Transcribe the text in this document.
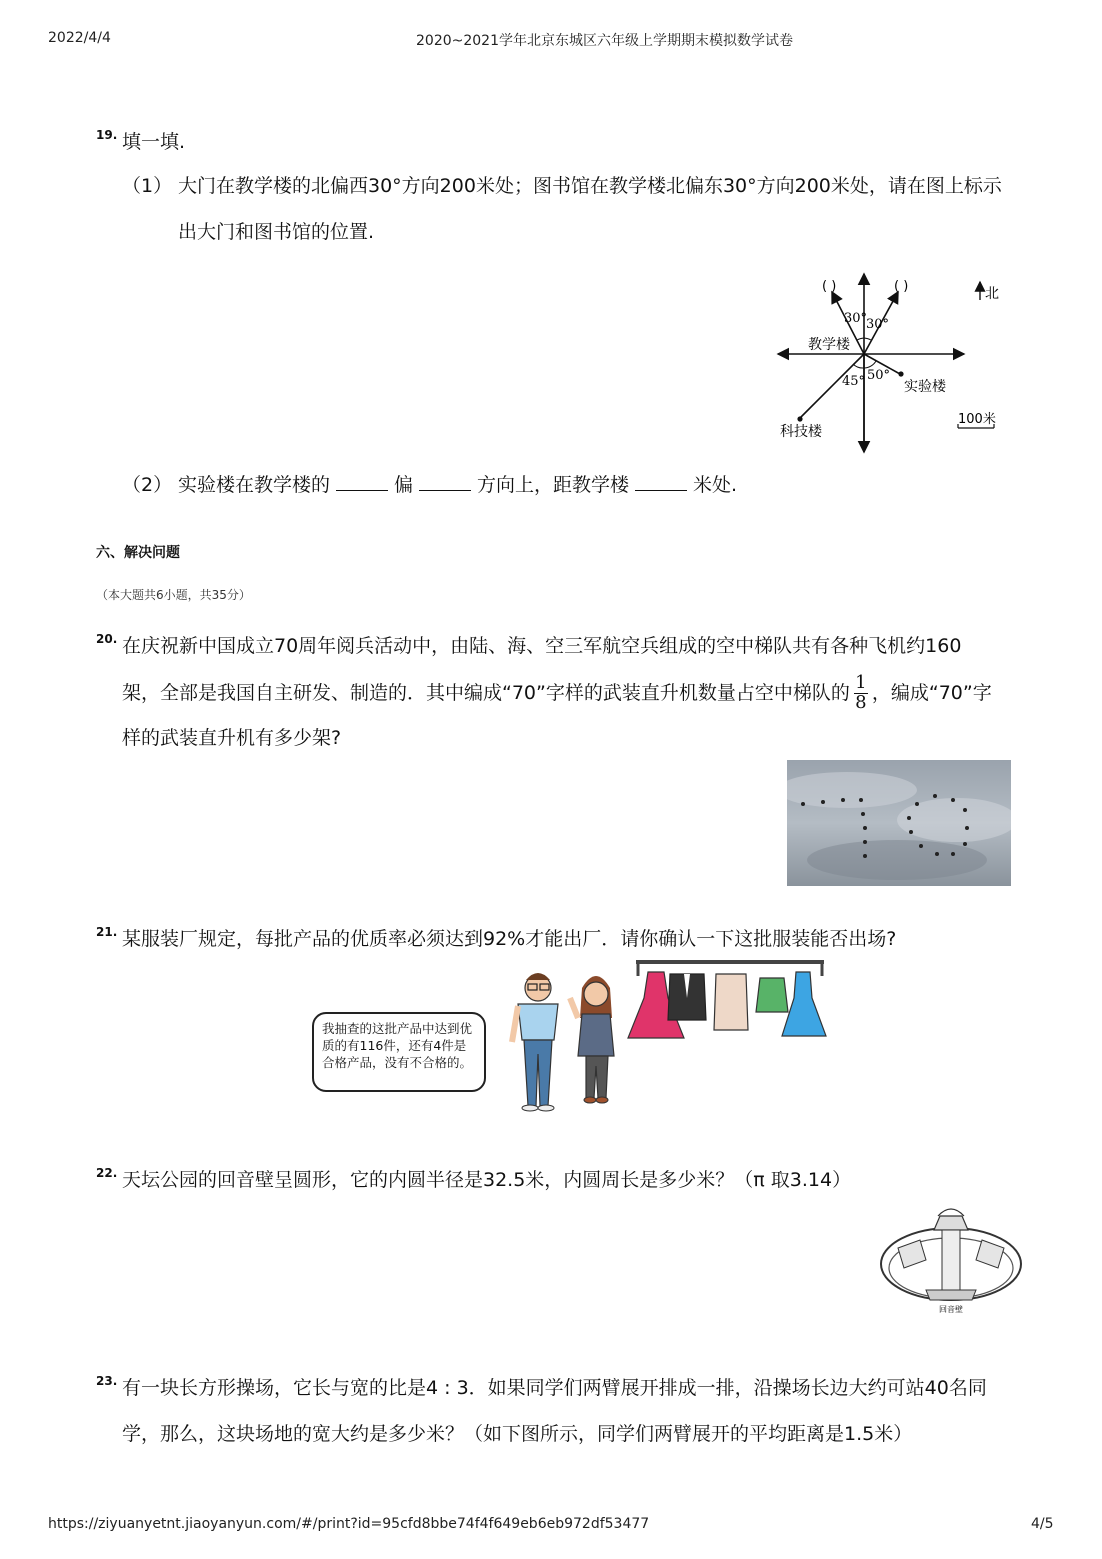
2022/4/4	2020~2021学年北京东城区六年级上学期期末模拟数学试卷
19. 填一填.
（1） 大门在教学楼的北偏西30°方向200米处；图书馆在教学楼北偏东30°方向200米处，请在图上标示
出大门和图书馆的位置.
( )	( )	北
30°
30°
教学楼
45° 50°
实验楼
科技楼
100米
（2） 实验楼在教学楼的	偏	方向上，距教学楼	米处.
六、解决问题
（本大题共6小题，共35分）
20. 在庆祝新中国成立70周年阅兵活动中，由陆、海、空三军航空兵组成的空中梯队共有各种飞机约160
架，全部是我国自主研发、制造的．其中编成“70”字样的武装直升机数量占空中梯队的 $\frac{1}{8}$ ，编成“70”字
样的武装直升机有多少架?
21. 某服装厂规定，每批产品的优质率必须达到92%才能出厂．请你确认一下这批服装能否出场?
我抽查的这批产品中达到优质的有116件，还有4件是合格产品，没有不合格的。
22. 天坛公园的回音壁呈圆形，它的内圆半径是32.5米，内圆周长是多少米？（π 取3.14）
回音壁
23. 有一块长方形操场，它长与宽的比是4 : 3．如果同学们两臂展开排成一排，沿操场长边大约可站40名同
学，那么，这块场地的宽大约是多少米？（如下图所示，同学们两臂展开的平均距离是1.5米）
https://ziyuanyetnt.jiaoyanyun.com/#/print?id=95cfd8bbe74f4f649eb6eb972df53477	4/5
